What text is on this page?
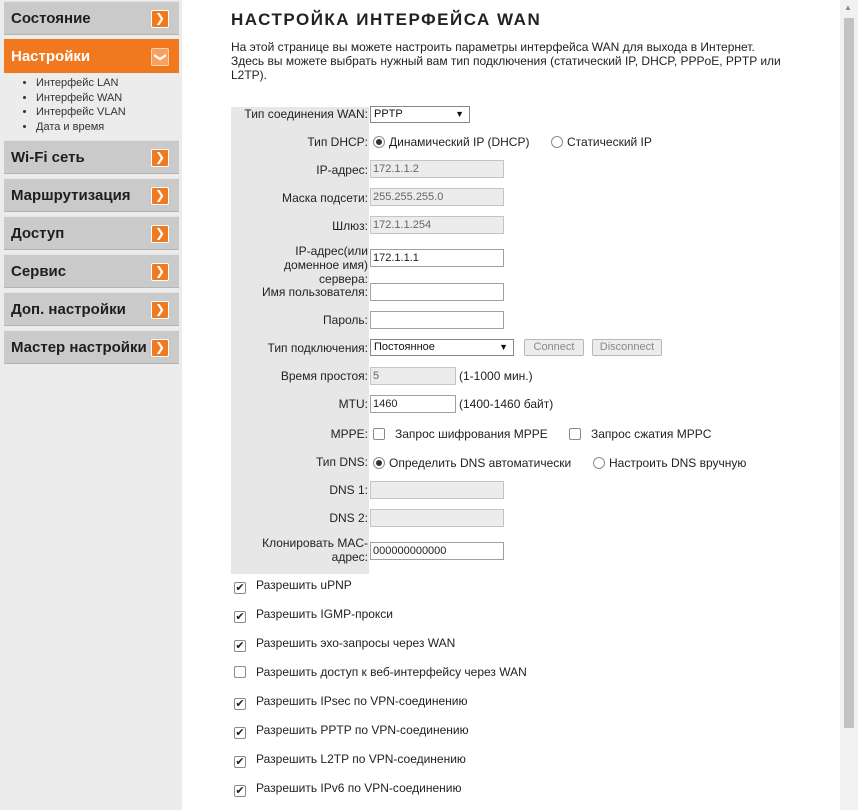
Состояние	❯
Настройки	❯
• Интерфейс LAN
• Интерфейс WAN
• Интерфейс VLAN
• Дата и время
Wi-Fi сеть	❯
Маршрутизация	❯
Доступ	❯
Сервис	❯
Доп. настройки	❯
Мастер настройки ❯
НАСТРОЙКА ИНТЕРФЕЙСА WAN

На этой странице вы можете настроить параметры интерфейса WAN для выхода в Интернет. Здесь вы можете выбрать нужный вам тип подключения (статический IP, DHCP, PPPoE, PPTP или L2TP).

Тип соединения WAN: PPTP	▼
Тип DHCP:	Динамический IP (DHCP)	Статический IP
IP-адрес: 172.1.1.2
Маска подсети: 255.255.255.0
Шлюз: 172.1.1.254
IP-адрес(или доменное имя) сервера:
172.1.1.1
Имя пользователя:
Пароль:
Тип подключения: Постоянное	▼	Connect	Disconnect
Время простоя: 5	(1-1000 мин.)
MTU: 1460	(1400-1460 байт)
MPPE:	Запрос шифрования MPPE	Запрос сжатия MPPC
Тип DNS:	Определить DNS автоматически	Настроить DNS вручную
DNS 1:
DNS 2:
Клонировать MAC-адрес: 000000000000
✔ Разрешить uPNP
✔ Разрешить IGMP-прокси
✔ Разрешить эхо-запросы через WAN
Разрешить доступ к веб-интерфейсу через WAN
✔ Разрешить IPsec по VPN-соединению
✔ Разрешить PPTP по VPN-соединению
✔ Разрешить L2TP по VPN-соединению
✔ Разрешить IPv6 по VPN-соединению
▲
